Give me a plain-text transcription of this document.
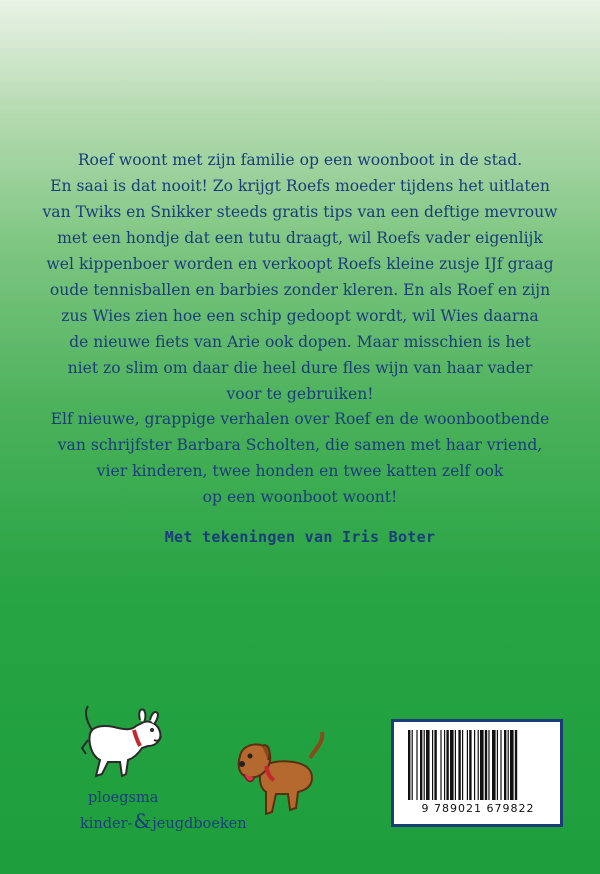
Roef woont met zijn familie op een woonboot in de stad.
En saai is dat nooit! Zo krijgt Roefs moeder tijdens het uitlaten
van Twiks en Snikker steeds gratis tips van een deftige mevrouw
met een hondje dat een tutu draagt, wil Roefs vader eigenlijk
wel kippenboer worden en verkoopt Roefs kleine zusje IJf graag
oude tennisballen en barbies zonder kleren. En als Roef en zijn
zus Wies zien hoe een schip gedoopt wordt, wil Wies daarna
de nieuwe fiets van Arie ook dopen. Maar misschien is het
niet zo slim om daar die heel dure fles wijn van haar vader
voor te gebruiken!
Elf nieuwe, grappige verhalen over Roef en de woonbootbende
van schrijfster Barbara Scholten, die samen met haar vriend,
vier kinderen, twee honden en twee katten zelf ook
op een woonboot woont!
Met tekeningen van Iris Boter
ploegsma
kinder-&jeugdboeken
9 789021 679822
